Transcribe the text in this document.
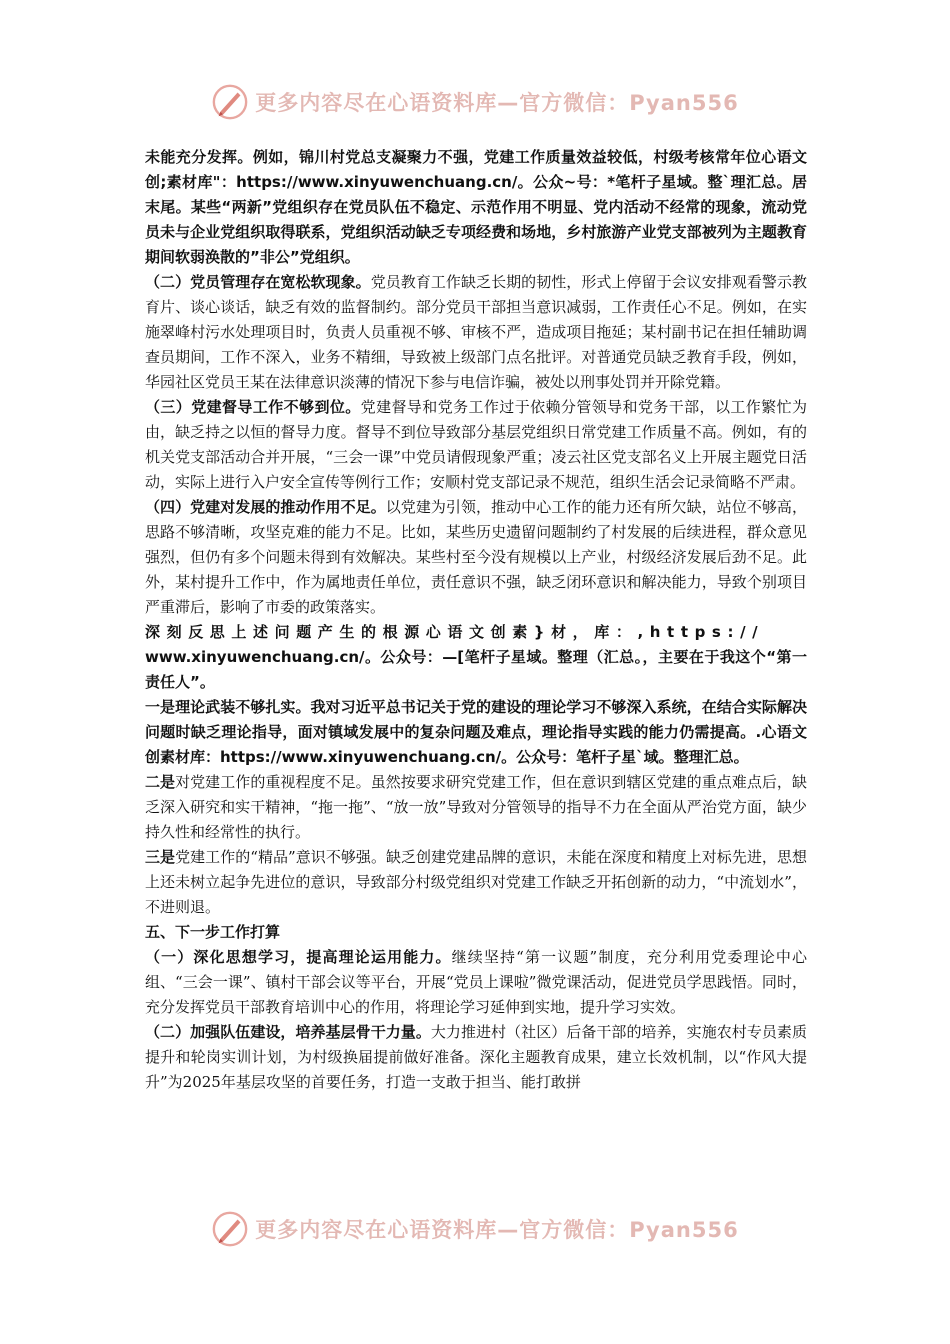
更多内容尽在心语资料库—官方微信：Pyan556

未能充分发挥。例如，锦川村党总支凝聚力不强，党建工作质量效益较低，村级考核常年位心语文创;素材库"：https://www.xinyuwenchuang.cn/。公众~号：*笔杆子星域。整`理汇总。居末尾。某些“两新”党组织存在党员队伍不稳定、示范作用不明显、党内活动不经常的现象，流动党员未与企业党组织取得联系，党组织活动缺乏专项经费和场地，乡村旅游产业党支部被列为主题教育期间软弱涣散的”非公”党组织。

（二）党员管理存在宽松软现象。党员教育工作缺乏长期的韧性，形式上停留于会议安排观看警示教育片、谈心谈话，缺乏有效的监督制约。部分党员干部担当意识减弱，工作责任心不足。例如，在实施翠峰村污水处理项目时，负责人员重视不够、审核不严，造成项目拖延；某村副书记在担任辅助调查员期间，工作不深入，业务不精细，导致被上级部门点名批评。对普通党员缺乏教育手段，例如，华园社区党员王某在法律意识淡薄的情况下参与电信诈骗，被处以刑事处罚并开除党籍。

（三）党建督导工作不够到位。党建督导和党务工作过于依赖分管领导和党务干部，以工作繁忙为由，缺乏持之以恒的督导力度。督导不到位导致部分基层党组织日常党建工作质量不高。例如，有的机关党支部活动合并开展，“三会一课”中党员请假现象严重；凌云社区党支部名义上开展主题党日活动，实际上进行入户安全宣传等例行工作；安顺村党支部记录不规范，组织生活会记录简略不严肃。

（四）党建对发展的推动作用不足。以党建为引领，推动中心工作的能力还有所欠缺，站位不够高，思路不够清晰，攻坚克难的能力不足。比如，某些历史遗留问题制约了村发展的后续进程，群众意见强烈，但仍有多个问题未得到有效解决。某些村至今没有规模以上产业，村级经济发展后劲不足。此外，某村提升工作中，作为属地责任单位，责任意识不强，缺乏闭环意识和解决能力，导致个别项目严重滞后，影响了市委的政策落实。

深刻反思上述问题产生的根源心语文创素}材，库：,https://
www.xinyuwenchuang.cn/。公众号：—[笔杆子星域。整理（汇总。，主要在于我这个“第一责任人”。

一是理论武装不够扎实。我对习近平总书记关于党的建设的理论学习不够深入系统，在结合实际解决问题时缺乏理论指导，面对镇域发展中的复杂问题及难点，理论指导实践的能力仍需提高。.心语文创素材库：https://www.xinyuwenchuang.cn/。公众号：笔杆子星`域。整理汇总。

二是对党建工作的重视程度不足。虽然按要求研究党建工作，但在意识到辖区党建的重点难点后，缺乏深入研究和实干精神，“拖一拖”、“放一放”导致对分管领导的指导不力在全面从严治党方面，缺少持久性和经常性的执行。

三是党建工作的“精品”意识不够强。缺乏创建党建品牌的意识，未能在深度和精度上对标先进，思想上还未树立起争先进位的意识，导致部分村级党组织对党建工作缺乏开拓创新的动力，“中流划水”，不进则退。

五、下一步工作打算

（一）深化思想学习，提高理论运用能力。继续坚持“第一议题”制度，充分利用党委理论中心组、“三会一课”、镇村干部会议等平台，开展“党员上课啦”微党课活动，促进党员学思践悟。同时，充分发挥党员干部教育培训中心的作用，将理论学习延伸到实地，提升学习实效。

（二）加强队伍建设，培养基层骨干力量。大力推进村（社区）后备干部的培养，实施农村专员素质提升和轮岗实训计划，为村级换届提前做好准备。深化主题教育成果，建立长效机制，以“作风大提升”为2025年基层攻坚的首要任务，打造一支敢于担当、能打敢拼

更多内容尽在心语资料库—官方微信：Pyan556
